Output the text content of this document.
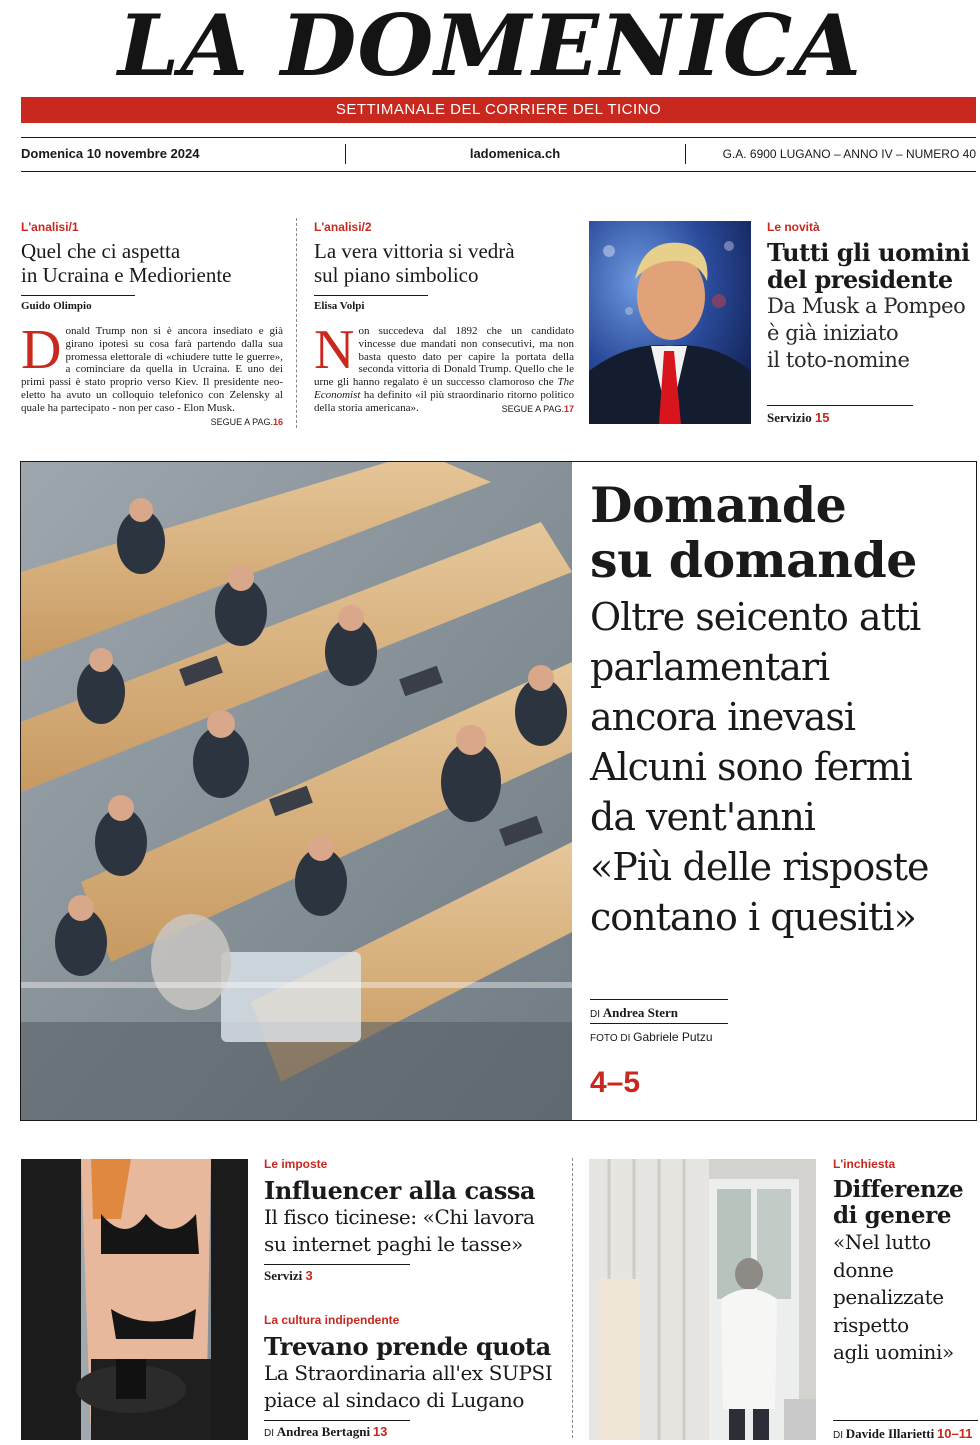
LA DOMENICA
SETTIMANALE DEL CORRIERE DEL TICINO
Domenica 10 novembre 2024	ladomenica.ch	G.A. 6900 LUGANO – ANNO IV – NUMERO 40
L'analisi/1
Quel che ci aspetta
in Ucraina e Medioriente
Guido Olimpio
Donald Trump non si è ancora insediato e già girano ipotesi su cosa farà partendo dalla sua promessa elettorale di «chiudere tutte le guerre», a cominciare da quella in Ucraina. E uno dei primi passi è stato proprio verso Kiev. Il presidente neo-eletto ha avuto un colloquio telefonico con Zelensky al quale ha partecipato - non per caso - Elon Musk.
SEGUE A PAG.16
L'analisi/2
La vera vittoria si vedrà
sul piano simbolico
Elisa Volpi
Non succedeva dal 1892 che un candidato vincesse due mandati non consecutivi, ma non basta questo dato per capire la portata della seconda vittoria di Donald Trump. Quello che le urne gli hanno regalato è un successo clamoroso che The Economist ha definito «il più straordinario ritorno politico della storia americana».	SEGUE A PAG.17
Le novità
Tutti gli uomini
del presidente
Da Musk a Pompeo
è già iniziato
il toto-nomine
Servizio 15
Domande
su domande
Oltre seicento atti
parlamentari
ancora inevasi
Alcuni sono fermi
da vent'anni
«Più delle risposte
contano i quesiti»
DI Andrea Stern
FOTO DI Gabriele Putzu
4–5
Le imposte
Influencer alla cassa
Il fisco ticinese: «Chi lavora
su internet paghi le tasse»
Servizi 3
La cultura indipendente
Trevano prende quota
La Straordinaria all'ex SUPSI
piace al sindaco di Lugano
DI Andrea Bertagni 13
L'inchiesta
Differenze
di genere
«Nel lutto
donne
penalizzate
rispetto
agli uomini»
DI Davide Illarietti 10–11
